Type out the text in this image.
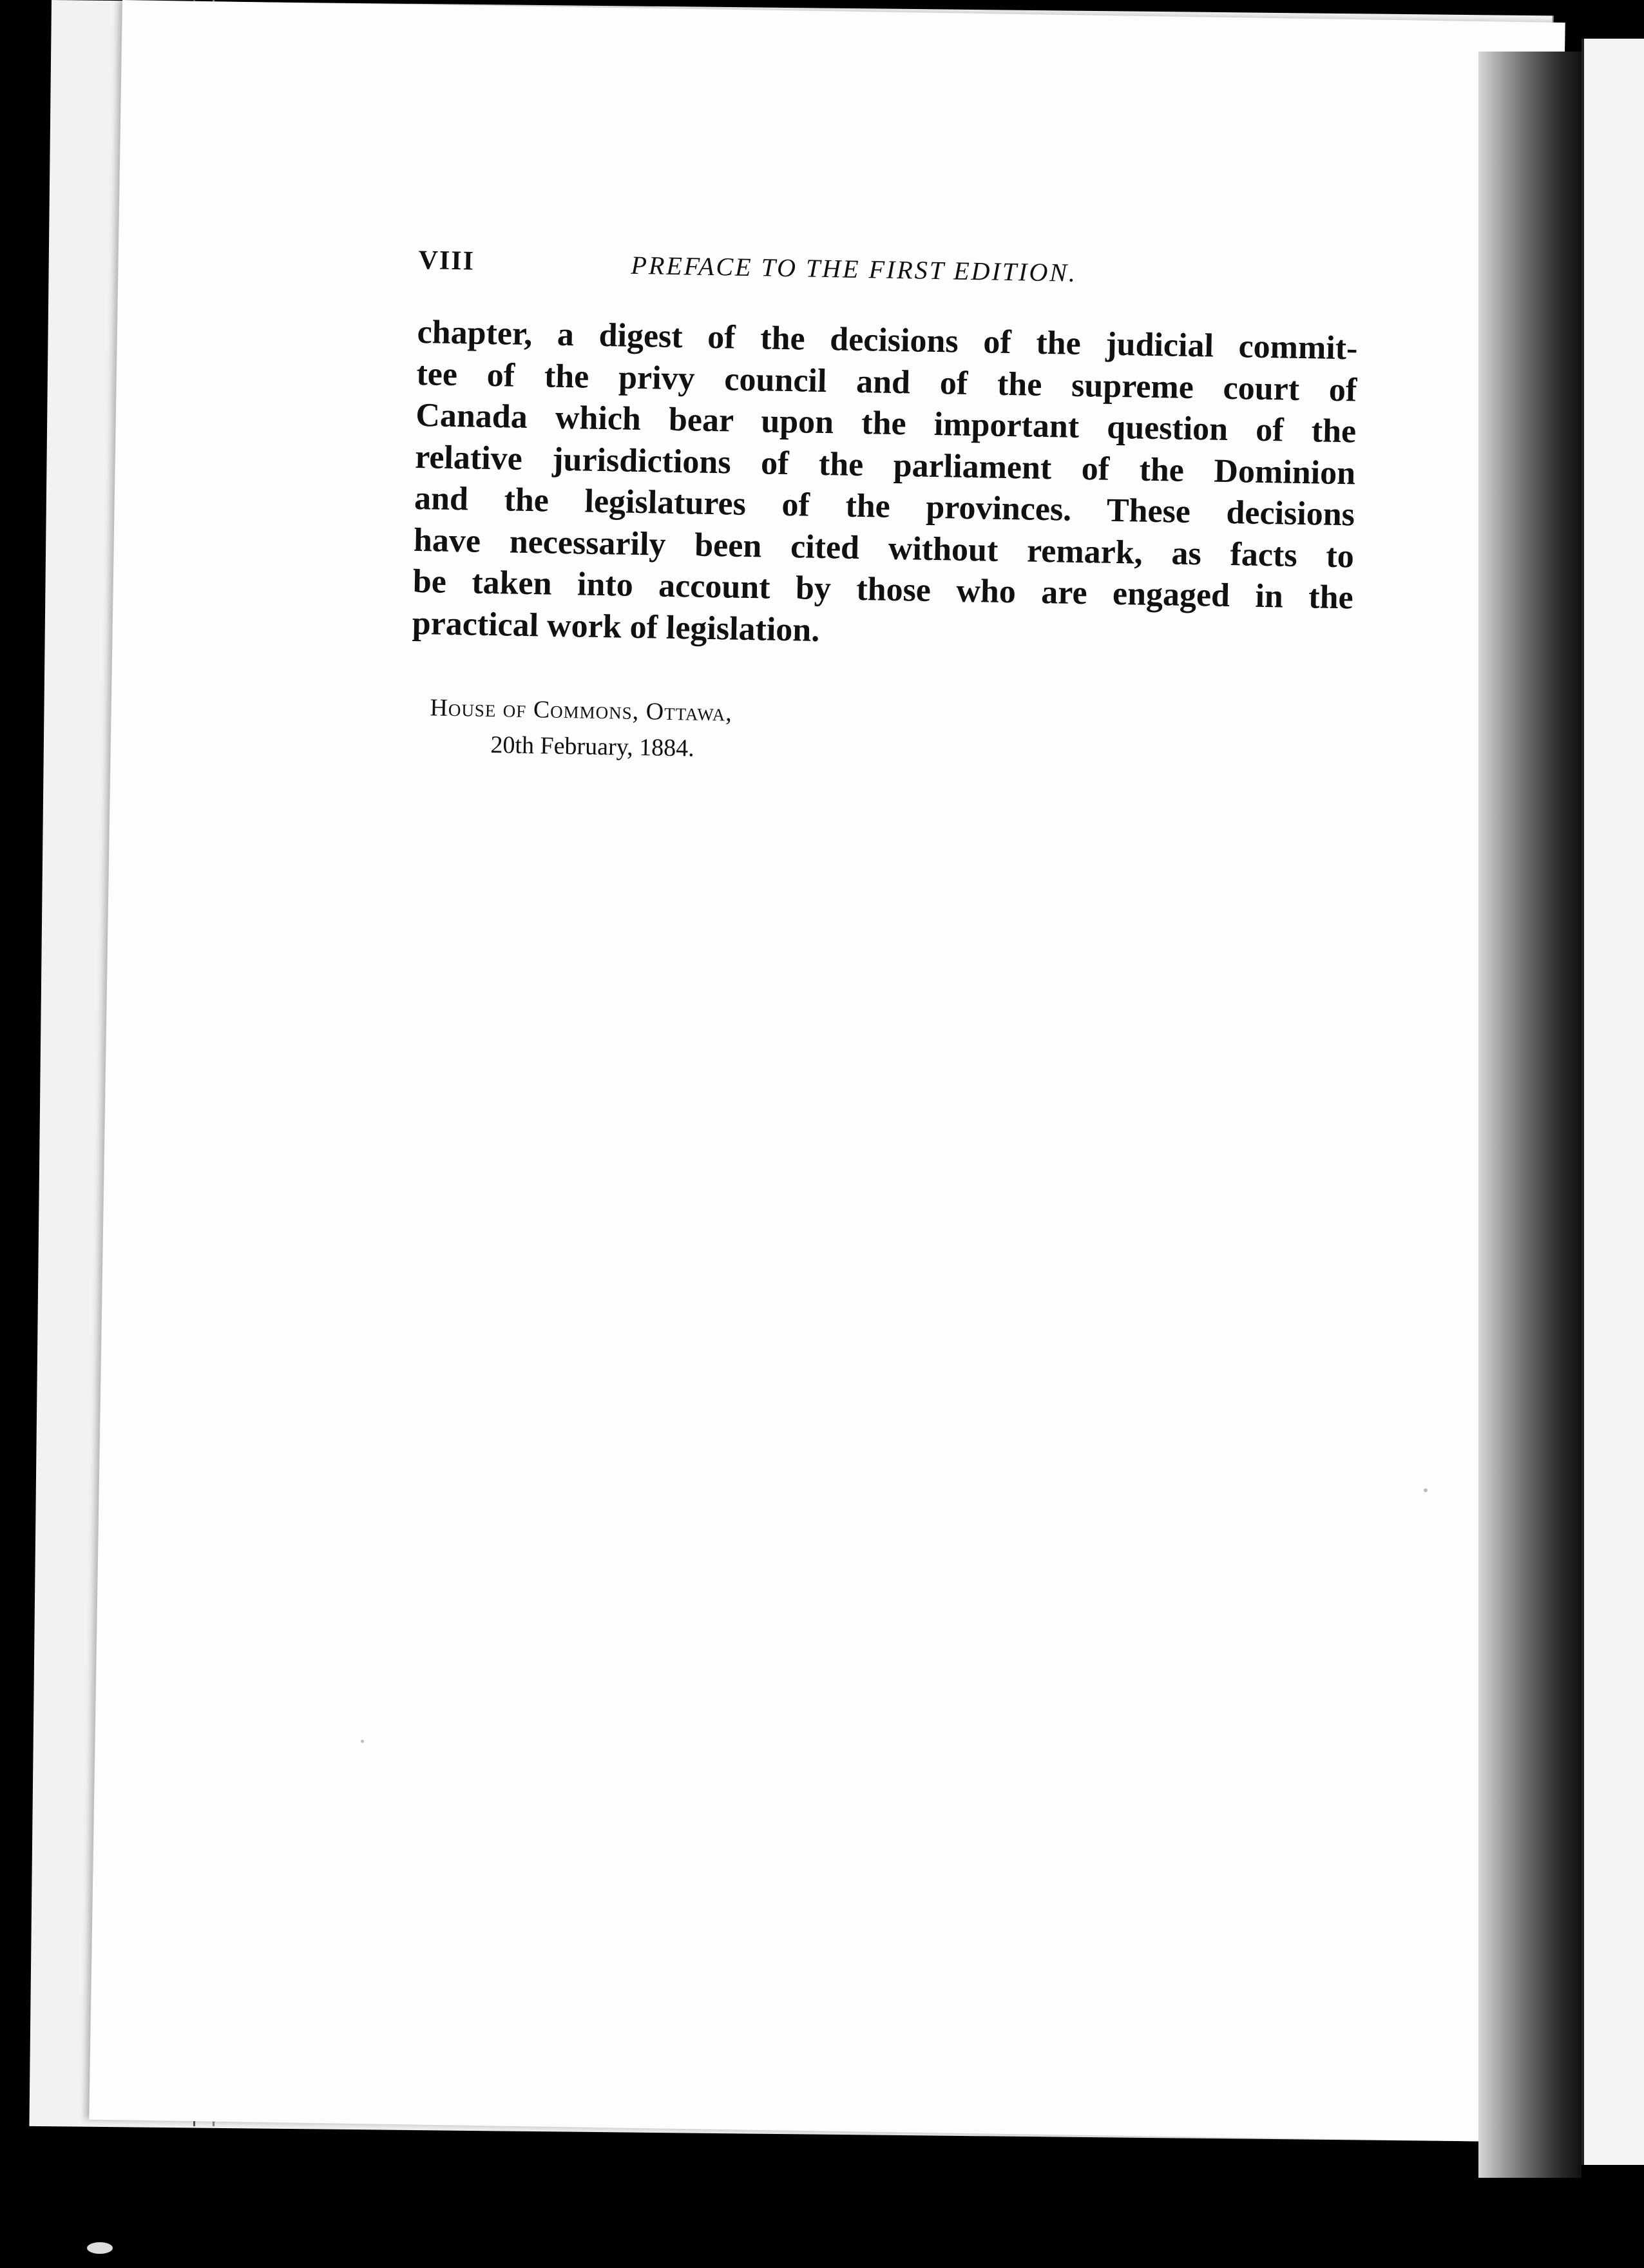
VIII	PREFACE TO THE FIRST EDITION.
chapter, a digest of the decisions of the judicial commit-
tee of the privy council and of the supreme court of
Canada which bear upon the important question of the
relative jurisdictions of the parliament of the Dominion
and the legislatures of the provinces. These decisions
have necessarily been cited without remark, as facts to
be taken into account by those who are engaged in the
practical work of legislation.
House of Commons, Ottawa,
20th February, 1884.
